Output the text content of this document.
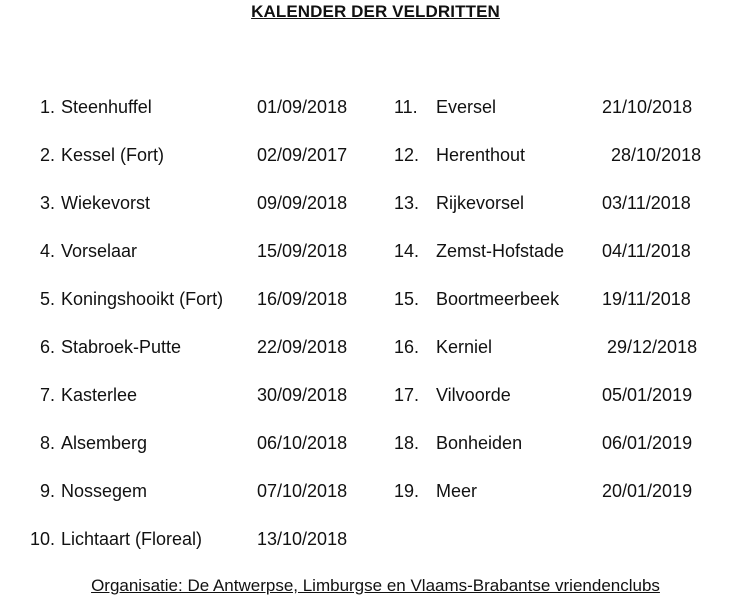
KALENDER DER VELDRITTEN
1. Steenhuffel	01/09/2018
2. Kessel (Fort)	02/09/2017
3. Wiekevorst	09/09/2018
4. Vorselaar	15/09/2018
5. Koningshooikt (Fort) 16/09/2018
6. Stabroek-Putte	22/09/2018
7. Kasterlee	30/09/2018
8. Alsemberg	06/10/2018
9. Nossegem	07/10/2018
10. Lichtaart (Floreal)	13/10/2018
11. Eversel	21/10/2018
12. Herenthout	28/10/2018
13. Rijkevorsel	03/11/2018
14. Zemst-Hofstade 04/11/2018
15. Boortmeerbeek 19/11/2018
16. Kerniel	29/12/2018
17. Vilvoorde	05/01/2019
18. Bonheiden	06/01/2019
19. Meer	20/01/2019
Organisatie: De Antwerpse, Limburgse en Vlaams-Brabantse vriendenclubs
